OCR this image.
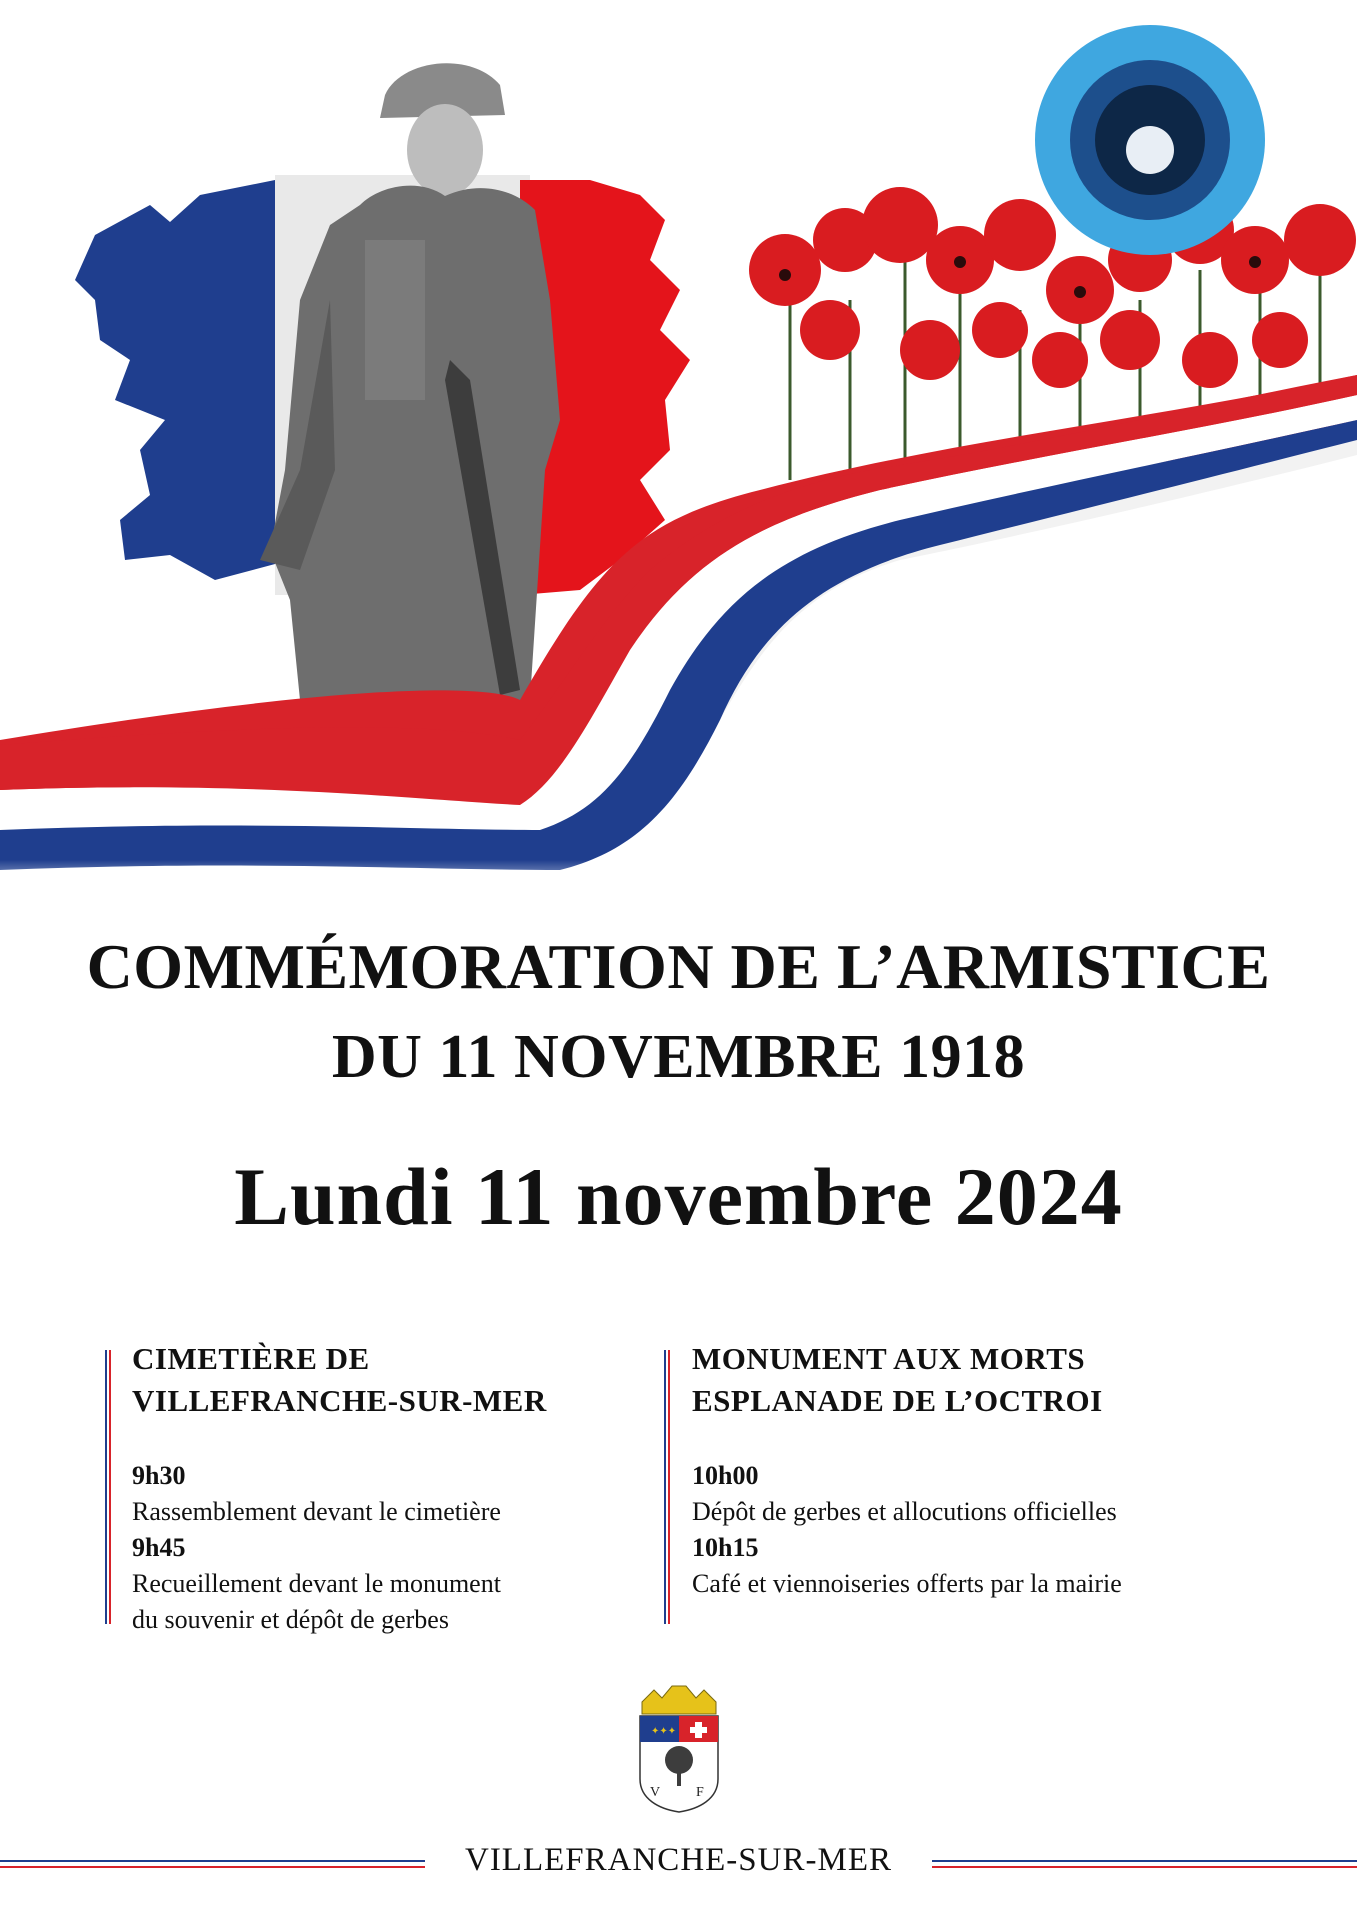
COMMÉMORATION DE L’ARMISTICE
DU 11 NOVEMBRE 1918
Lundi 11 novembre 2024
CIMETIÈRE DE
VILLEFRANCHE-SUR-MER
9h30
Rassemblement devant le cimetière
9h45
Recueillement devant le monument
du souvenir et dépôt de gerbes
MONUMENT AUX MORTS
ESPLANADE DE L’OCTROI
10h00
Dépôt de gerbes et allocutions officielles
10h15
Café et viennoiseries offerts par la mairie
✦✦✦
V	F
VILLEFRANCHE-SUR-MER
